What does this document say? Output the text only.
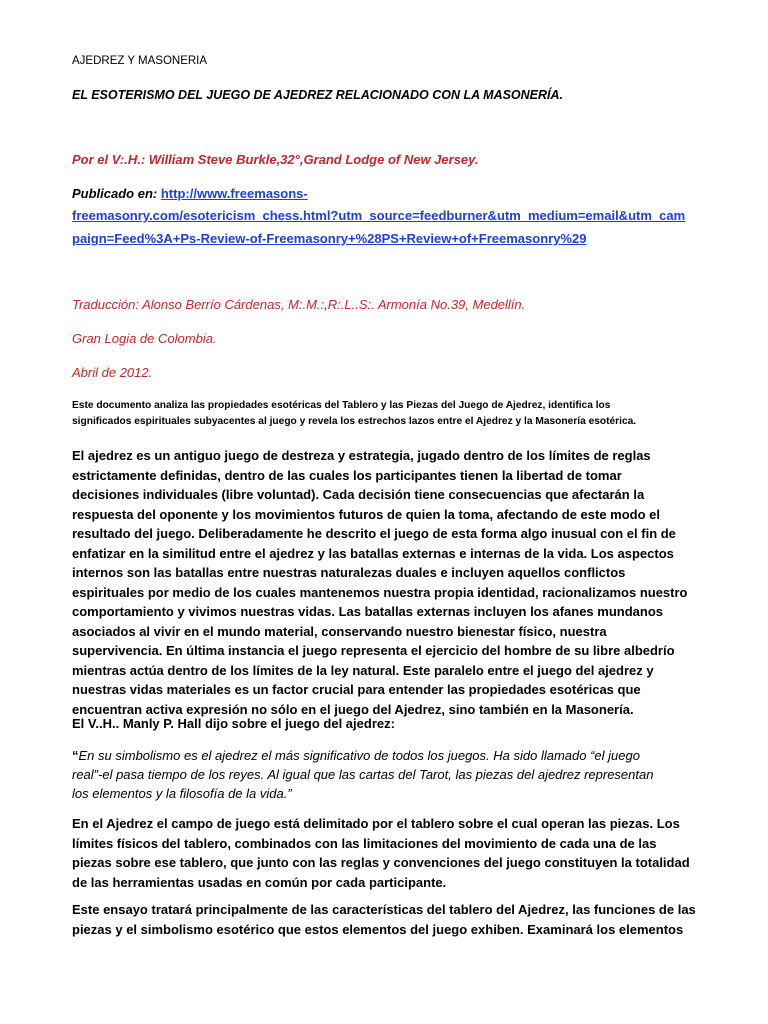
AJEDREZ Y MASONERIA
EL ESOTERISMO DEL JUEGO DE AJEDREZ RELACIONADO CON LA MASONERÍA.
Por el V:.H.: William Steve Burkle,32°,Grand Lodge of New Jersey.
Publicado en: http://www.freemasons-
freemasonry.com/esotericism_chess.html?utm_source=feedburner&utm_medium=email&utm_cam
paign=Feed%3A+Ps-Review-of-Freemasonry+%28PS+Review+of+Freemasonry%29
Traducción: Alonso Berrío Cárdenas, M:.M.:,R:.L..S:. Armonía No.39, Medellín.
Gran Logia de Colombia.
Abril de 2012.
Este documento analiza las propiedades esotéricas del Tablero y las Piezas del Juego de Ajedrez, identifica los
significados espirituales subyacentes al juego y revela los estrechos lazos entre el Ajedrez y la Masonería esotérica.
El ajedrez es un antiguo juego de destreza y estrategia, jugado dentro de los límites de reglas
estrictamente definidas, dentro de las cuales los participantes tienen la libertad de tomar
decisiones individuales (libre voluntad). Cada decisión tiene consecuencias que afectarán la
respuesta del oponente y los movimientos futuros de quien la toma, afectando de este modo el
resultado del juego. Deliberadamente he descrito el juego de esta forma algo inusual con el fin de
enfatizar en la similitud entre el ajedrez y las batallas externas e internas de la vida. Los aspectos
internos son las batallas entre nuestras naturalezas duales e incluyen aquellos conflictos
espirituales por medio de los cuales mantenemos nuestra propia identidad, racionalizamos nuestro
comportamiento y vivimos nuestras vidas. Las batallas externas incluyen los afanes mundanos
asociados al vivir en el mundo material, conservando nuestro bienestar físico, nuestra
supervivencia. En última instancia el juego representa el ejercicio del hombre de su libre albedrío
mientras actúa dentro de los límites de la ley natural. Este paralelo entre el juego del ajedrez y
nuestras vidas materiales es un factor crucial para entender las propiedades esotéricas que
encuentran activa expresión no sólo en el juego del Ajedrez, sino también en la Masonería.
El V..H.. Manly P. Hall dijo sobre el juego del ajedrez:
“En su simbolismo es el ajedrez el más significativo de todos los juegos. Ha sido llamado “el juego
real”-el pasa tiempo de los reyes. Al igual que las cartas del Tarot, las piezas del ajedrez representan
los elementos y la filosofía de la vida.”
En el Ajedrez el campo de juego está delimitado por el tablero sobre el cual operan las piezas. Los
límites físicos del tablero, combinados con las limitaciones del movimiento de cada una de las
piezas sobre ese tablero, que junto con las reglas y convenciones del juego constituyen la totalidad
de las herramientas usadas en común por cada participante.
Este ensayo tratará principalmente de las características del tablero del Ajedrez, las funciones de las
piezas y el simbolismo esotérico que estos elementos del juego exhiben. Examinará los elementos
